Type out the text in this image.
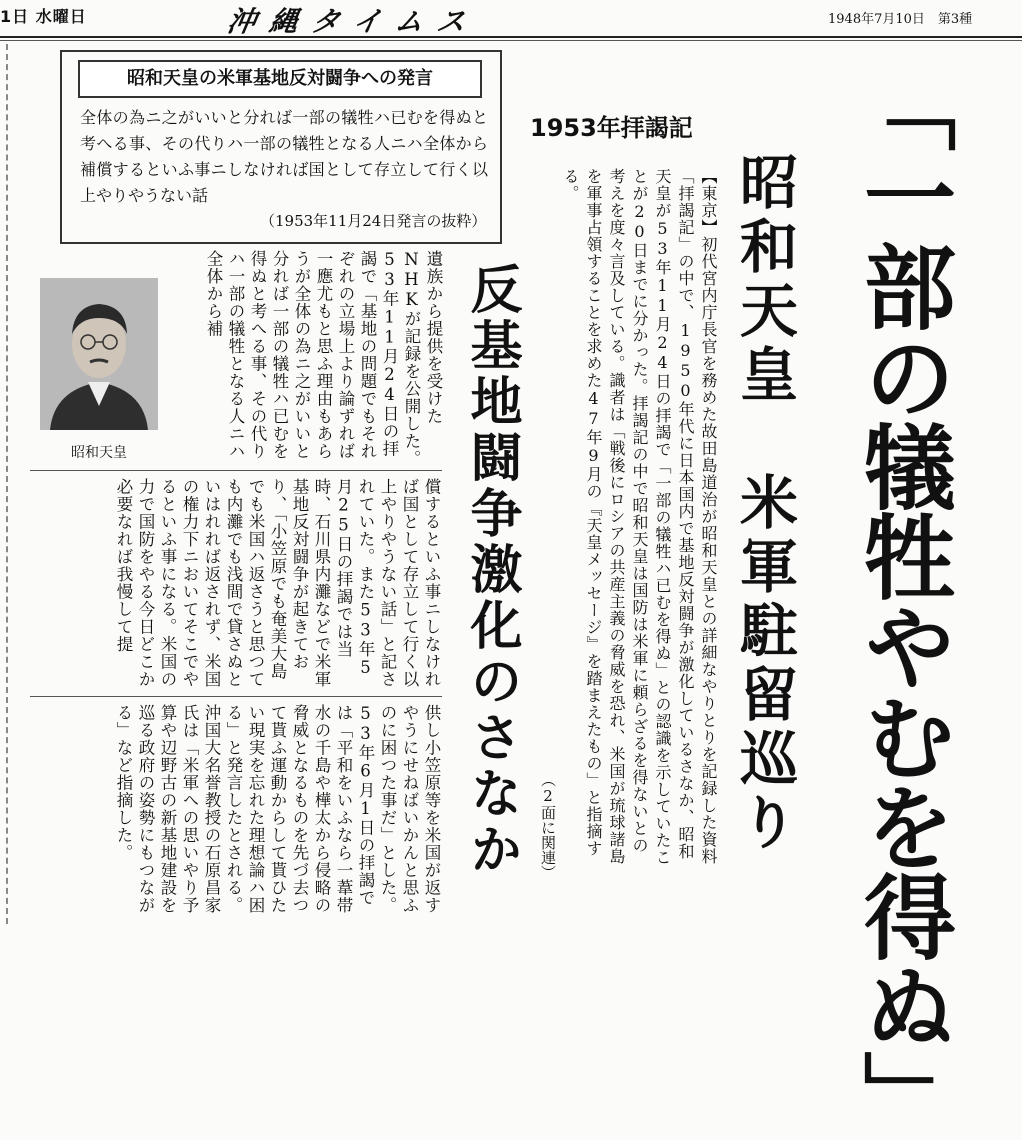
1日 水曜日	沖縄タイムス	1948年7月10日　第3種
昭和天皇の米軍基地反対闘争への発言
全体の為ニ之がいいと分れば一部の犠牲ハ已むを得ぬと考へる事、その代りハ一部の犠牲となる人ニハ全体から補償するといふ事ニしなければ国として存立して行く以上やりやうない話
（1953年11月24日発言の抜粋）
昭和天皇	「一部の犠牲やむを得ぬ」
昭和天皇　米軍駐留巡り
反基地闘争激化のさなか
1953年拝謁記
【東京】初代宮内庁長官を務めた故田島道治が昭和天皇との詳細なやりとりを記録した資料「拝謁記」の中で、1950年代に日本国内で基地反対闘争が激化しているさなか、昭和天皇が53年11月24日の拝謁で「一部の犠牲ハ已むを得ぬ」との認識を示していたことが20日までに分かった。拝謁記の中で昭和天皇は国防は米軍に頼らざるを得ないとの考えを度々言及している。識者は「戦後にロシアの共産主義の脅威を恐れ、米国が琉球諸島を軍事占領することを求めた47年9月の『天皇メッセージ』を踏まえたもの」と指摘する。
（2面に関連）
遺族から提供を受けたNHKが記録を公開した。53年11月24日の拝謁で「基地の問題でもそれぞれの立場上より論ずれば一應尤もと思ふ理由もあらうが全体の為ニ之がいいと分れば一部の犠牲ハ已むを得ぬと考へる事、その代りハ一部の犠牲となる人ニハ全体から補
償するといふ事ニしなければ国として存立して行く以上やりやうない話」と記されていた。また53年5月25日の拝謁では当時、石川県内灘などで米軍基地反対闘争が起きており、「小笠原でも奄美大島でも米国ハ返さうと思つても内灘でも浅間で貸さぬといはれれば返されず、米国の権力下ニおいてそこでやるといふ事になる。米国の力で国防をやる今日どこか必要なれば我慢して提
供し小笠原等を米国が返すやうにせねばいかんと思ふのに困つた事だ」とした。53年6月1日の拝謁では「平和をいふなら一葦帯水の千島や樺太から侵略の脅威となるものを先づ去つて貰ふ運動からして貰ひたい現実を忘れた理想論ハ困る」と発言したとされる。沖国大名誉教授の石原昌家氏は「米軍への思いやり予算や辺野古の新基地建設を巡る政府の姿勢にもつながる」など指摘した。
